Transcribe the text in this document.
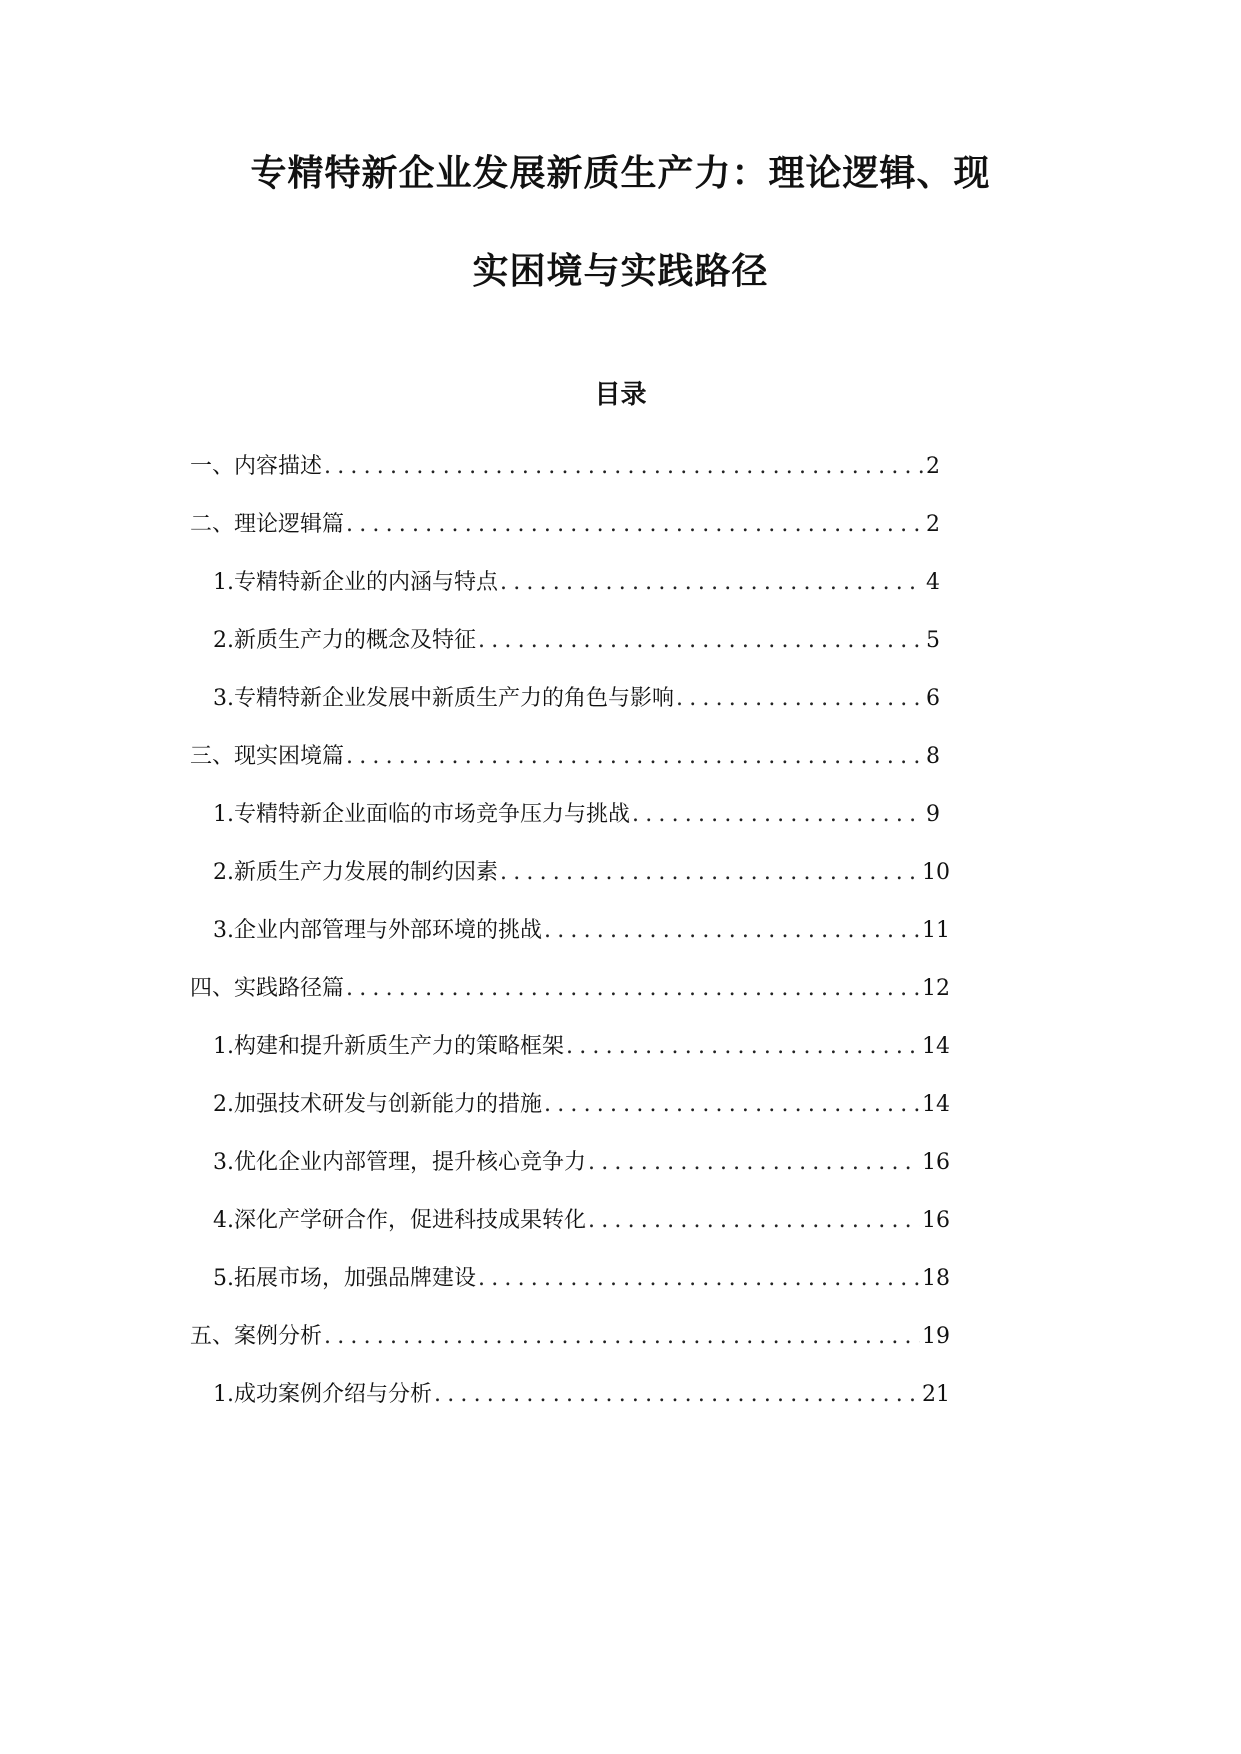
专精特新企业发展新质生产力：理论逻辑、现
实困境与实践路径
目录
一、内容描述 .....	2
二、理论逻辑篇 .....	2
1. 专精特新企业的内涵与特点 .....	4
2. 新质生产力的概念及特征 .....	5
3. 专精特新企业发展中新质生产力的角色与影响 .....	6
三、现实困境篇 .....	8
1. 专精特新企业面临的市场竞争压力与挑战 .....	9
2. 新质生产力发展的制约因素 .....	10
3. 企业内部管理与外部环境的挑战 .....	11
四、实践路径篇 .....	12
1. 构建和提升新质生产力的策略框架 .....	14
2. 加强技术研发与创新能力的措施 .....	14
3. 优化企业内部管理，提升核心竞争力 .....	16
4. 深化产学研合作，促进科技成果转化 .....	16
5. 拓展市场，加强品牌建设 .....	18
五、案例分析 .....	19
1. 成功案例介绍与分析 .....	21
